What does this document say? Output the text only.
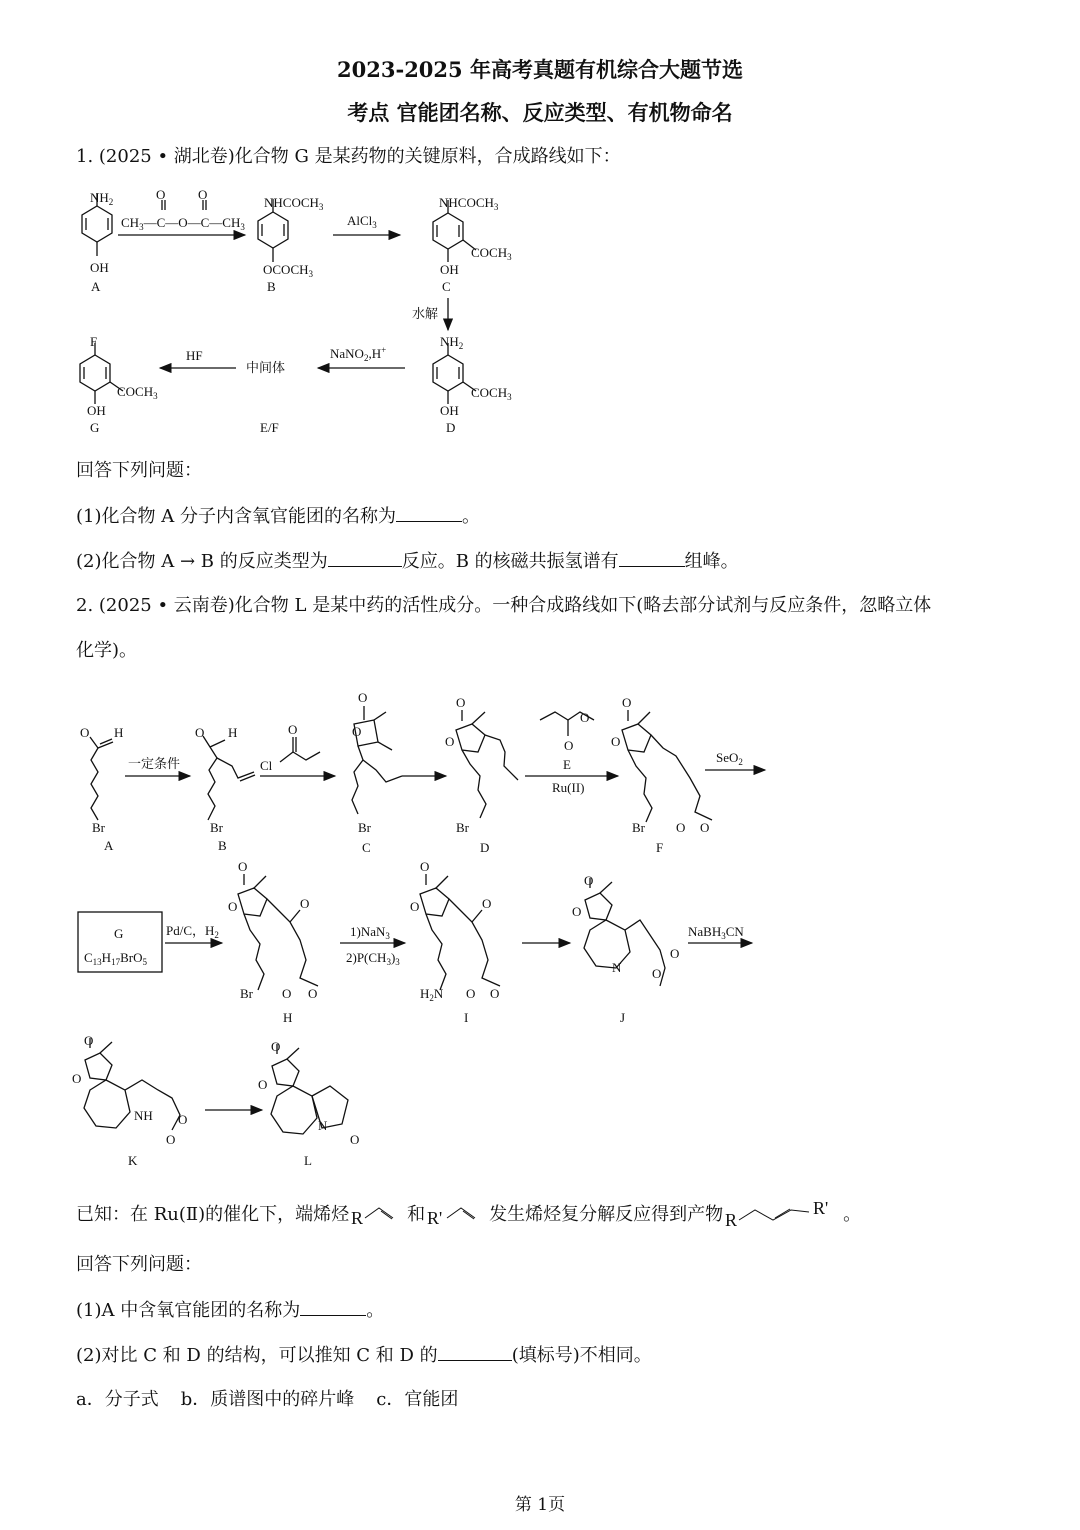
2023-2025 年高考真题有机综合大题节选
考点 官能团名称、反应类型、有机物命名
1. (2025 • 湖北卷)化合物 G 是某药物的关键原料，合成路线如下：
$NH_2$
OH
A
$NHCOCH_3$
$OCOCH_3$
B
$NHCOCH_3$
$COCH_3$
OH
C
$NH_2$
$COCH_3$
OH
D
F
$COCH_3$
OH
G	E/F
$CH_3—C—O—C—CH_3$
O	O
AlCl$_3$
水解
NaNO$_2$,H+
中间体
HF
回答下列问题：
(1)化合物 A 分子内含氧官能团的名称为	。
(2)化合物 A → B 的反应类型为	反应。B 的核磁共振氢谱有	组峰。
2. (2025 • 云南卷)化合物 L 是某中药的活性成分。一种合成路线如下(略去部分试剂与反应条件，忽略立体
化学)。
O H
Br
A
一定条件
O H
Br
B
Cl
O
O
O
Br
C
O
O
Br
D
O
O
E
Ru(II)
O
O
Br O O
F
SeO$_2$
G
$C_{13}H_{17}BrO_5$
Pd/C，$H_2$
O
O	O
Br O O
H
1)NaN$_3$
$2)P(CH_3)_3$
O
O	O
$H_2N$ O O
I
O
O
N
O
O
J
NaBH$_3$CN
O
O
NH O
O
K
O
O
N
O
L
已知：在 Ru(Ⅱ)的催化下，端烯烃 R 和 R'	发生烯烃复分解反应得到产物 R
R' 。
回答下列问题：
(1)A 中含氧官能团的名称为	。
(2)对比 C 和 D 的结构，可以推知 C 和 D 的	(填标号)不相同。
a．分子式 b．质谱图中的碎片峰 c．官能团
第 1页
